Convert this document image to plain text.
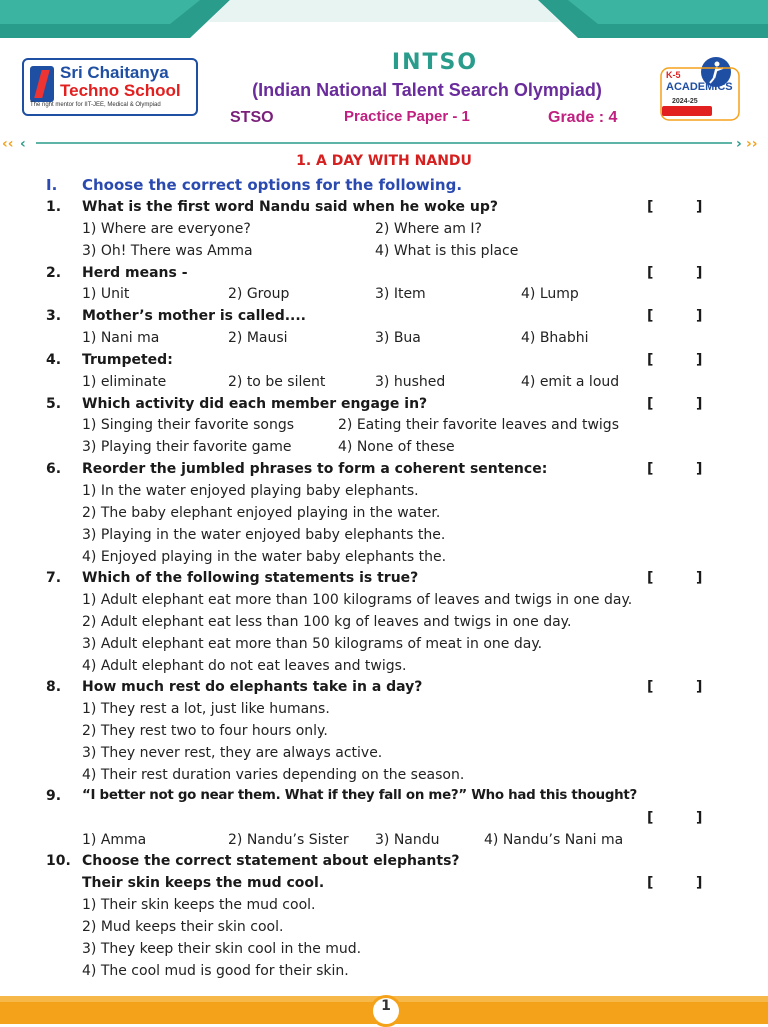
Sri Chaitanya
Techno School
The right mentor for IIT-JEE, Medical & Olympiad
INTSO
(Indian National Talent Search Olympiad)
STSO	Practice Paper - 1	Grade : 4
K-5
ACADEMICS
2024-25
‹‹ ‹	› ››
1. A DAY WITH NANDU
I. Choose the correct options for the following.
1. What is the first word Nandu said when he woke up?	[	]
1) Where are everyone?	2) Where am I?
3) Oh! There was Amma	4) What is this place
2. Herd means -	[	]
1) Unit	2) Group	3) Item	4) Lump
3. Mother’s mother is called....	[	]
1) Nani ma	2) Mausi	3) Bua	4) Bhabhi
4. Trumpeted:	[	]
1) eliminate	2) to be silent	3) hushed	4) emit a loud
5. Which activity did each member engage in?	[	]
1) Singing their favorite songs	2) Eating their favorite leaves and twigs
3) Playing their favorite game	4) None of these
6. Reorder the jumbled phrases to form a coherent sentence:	[	]
1) In the water enjoyed playing baby elephants.
2) The baby elephant enjoyed playing in the water.
3) Playing in the water enjoyed baby elephants the.
4) Enjoyed playing in the water baby elephants the.
7. Which of the following statements is true?	[	]
1) Adult elephant eat more than 100 kilograms of leaves and twigs in one day.
2) Adult elephant eat less than 100 kg of leaves and twigs in one day.
3) Adult elephant eat more than 50 kilograms of meat in one day.
4) Adult elephant do not eat leaves and twigs.
8. How much rest do elephants take in a day?	[	]
1) They rest a lot, just like humans.
2) They rest two to four hours only.
3) They never rest, they are always active.
4) Their rest duration varies depending on the season.
9. “I better not go near them. What if they fall on me?” Who had this thought?
[	]
1) Amma	2) Nandu’s Sister 3) Nandu	4) Nandu’s Nani ma
10. Choose the correct statement about elephants?
Their skin keeps the mud cool.	[	]
1) Their skin keeps the mud cool.
2) Mud keeps their skin cool.
3) They keep their skin cool in the mud.
4) The cool mud is good for their skin.
1
